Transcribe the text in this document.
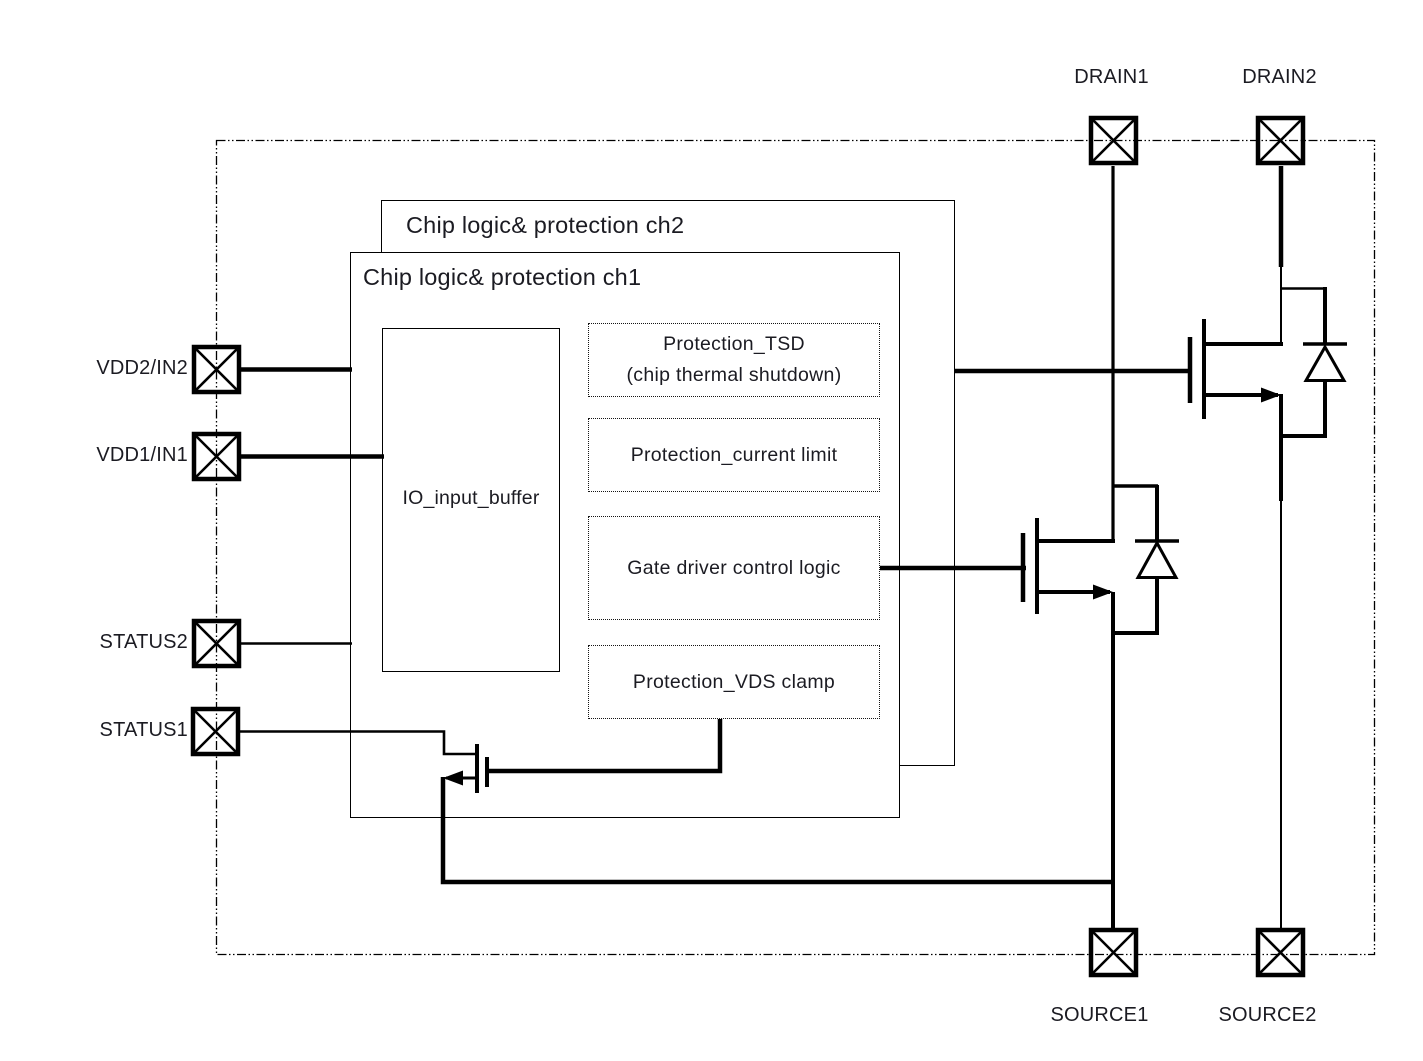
Chip logic& protection ch2
Chip logic& protection ch1
IO_input_buffer
Protection_TSD
(chip thermal shutdown)
Protection_current limit
Gate driver control logic
Protection_VDS clamp
VDD2/IN2
VDD1/IN1
STATUS2
STATUS1
DRAIN1	DRAIN2
SOURCE1	SOURCE2
